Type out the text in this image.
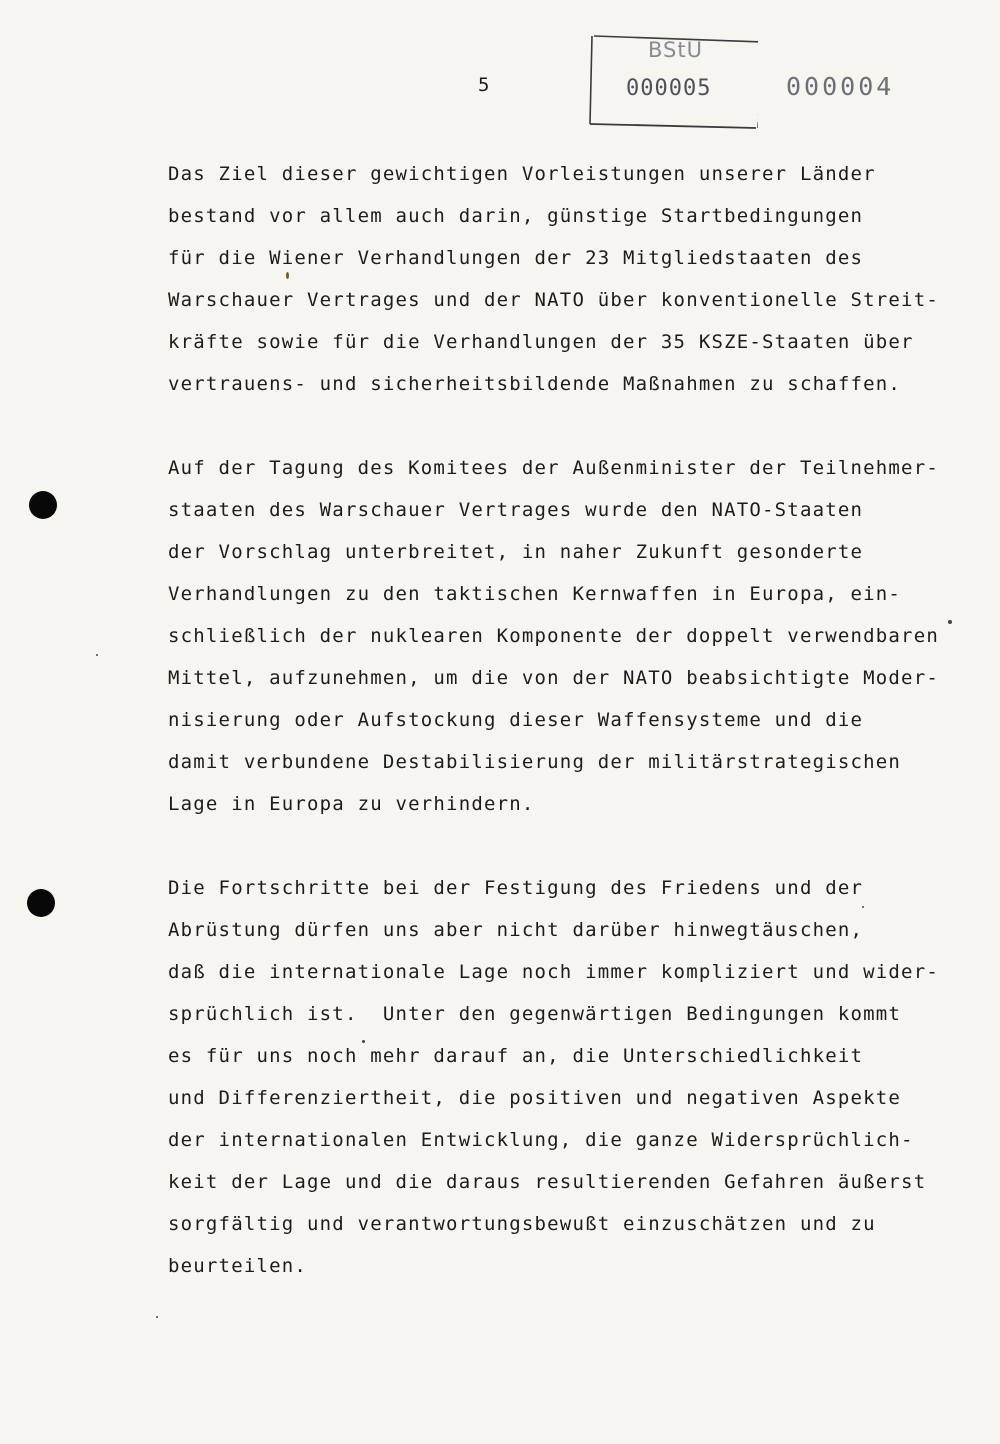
5
BStU
000005	000004
Das Ziel dieser gewichtigen Vorleistungen unserer Länder
bestand vor allem auch darin, günstige Startbedingungen
für die Wiener Verhandlungen der 23 Mitgliedstaaten des
Warschauer Vertrages und der NATO über konventionelle Streit-
kräfte sowie für die Verhandlungen der 35 KSZE-Staaten über
vertrauens- und sicherheitsbildende Maßnahmen zu schaffen.
Auf der Tagung des Komitees der Außenminister der Teilnehmer-
staaten des Warschauer Vertrages wurde den NATO-Staaten
der Vorschlag unterbreitet, in naher Zukunft gesonderte
Verhandlungen zu den taktischen Kernwaffen in Europa, ein-
schließlich der nuklearen Komponente der doppelt verwendbaren
Mittel, aufzunehmen, um die von der NATO beabsichtigte Moder-
nisierung oder Aufstockung dieser Waffensysteme und die
damit verbundene Destabilisierung der militärstrategischen
Lage in Europa zu verhindern.
Die Fortschritte bei der Festigung des Friedens und der
Abrüstung dürfen uns aber nicht darüber hinwegtäuschen,
daß die internationale Lage noch immer kompliziert und wider-
sprüchlich ist.  Unter den gegenwärtigen Bedingungen kommt
es für uns noch mehr darauf an, die Unterschiedlichkeit
und Differenziertheit, die positiven und negativen Aspekte
der internationalen Entwicklung, die ganze Widersprüchlich-
keit der Lage und die daraus resultierenden Gefahren äußerst
sorgfältig und verantwortungsbewußt einzuschätzen und zu
beurteilen.
